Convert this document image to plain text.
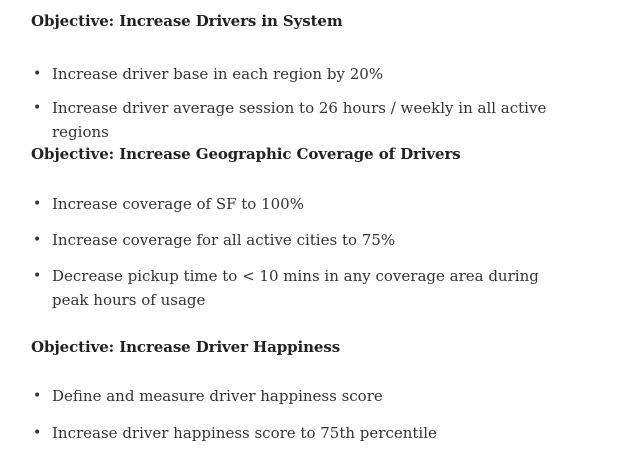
Objective: Increase Drivers in System
• Increase driver base in each region by 20%
• Increase driver average session to 26 hours / weekly in all active regions
Objective: Increase Geographic Coverage of Drivers
• Increase coverage of SF to 100%
• Increase coverage for all active cities to 75%
• Decrease pickup time to < 10 mins in any coverage area during peak hours of usage
Objective: Increase Driver Happiness
• Define and measure driver happiness score
• Increase driver happiness score to 75th percentile
